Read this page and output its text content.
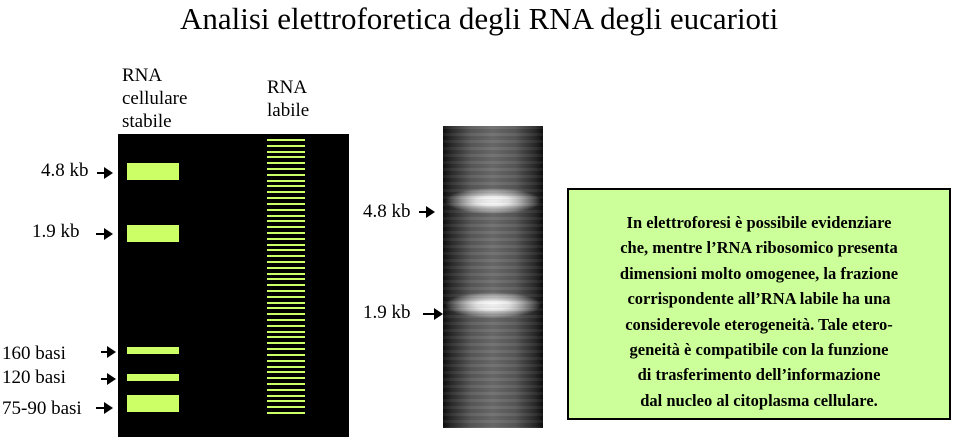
Analisi elettroforetica degli RNA degli eucarioti
RNA
cellulare
stabile
RNA
labile
4.8 kb
1.9 kb
160 basi
120 basi
75-90 basi
4.8 kb
1.9 kb
In elettroforesi è possibile evidenziare
che, mentre l’RNA ribosomico presenta
dimensioni molto omogenee, la frazione
corrispondente all’RNA labile ha una
considerevole eterogeneità. Tale etero-
geneità è compatibile con la funzione
di trasferimento dell’informazione
dal nucleo al citoplasma cellulare.
